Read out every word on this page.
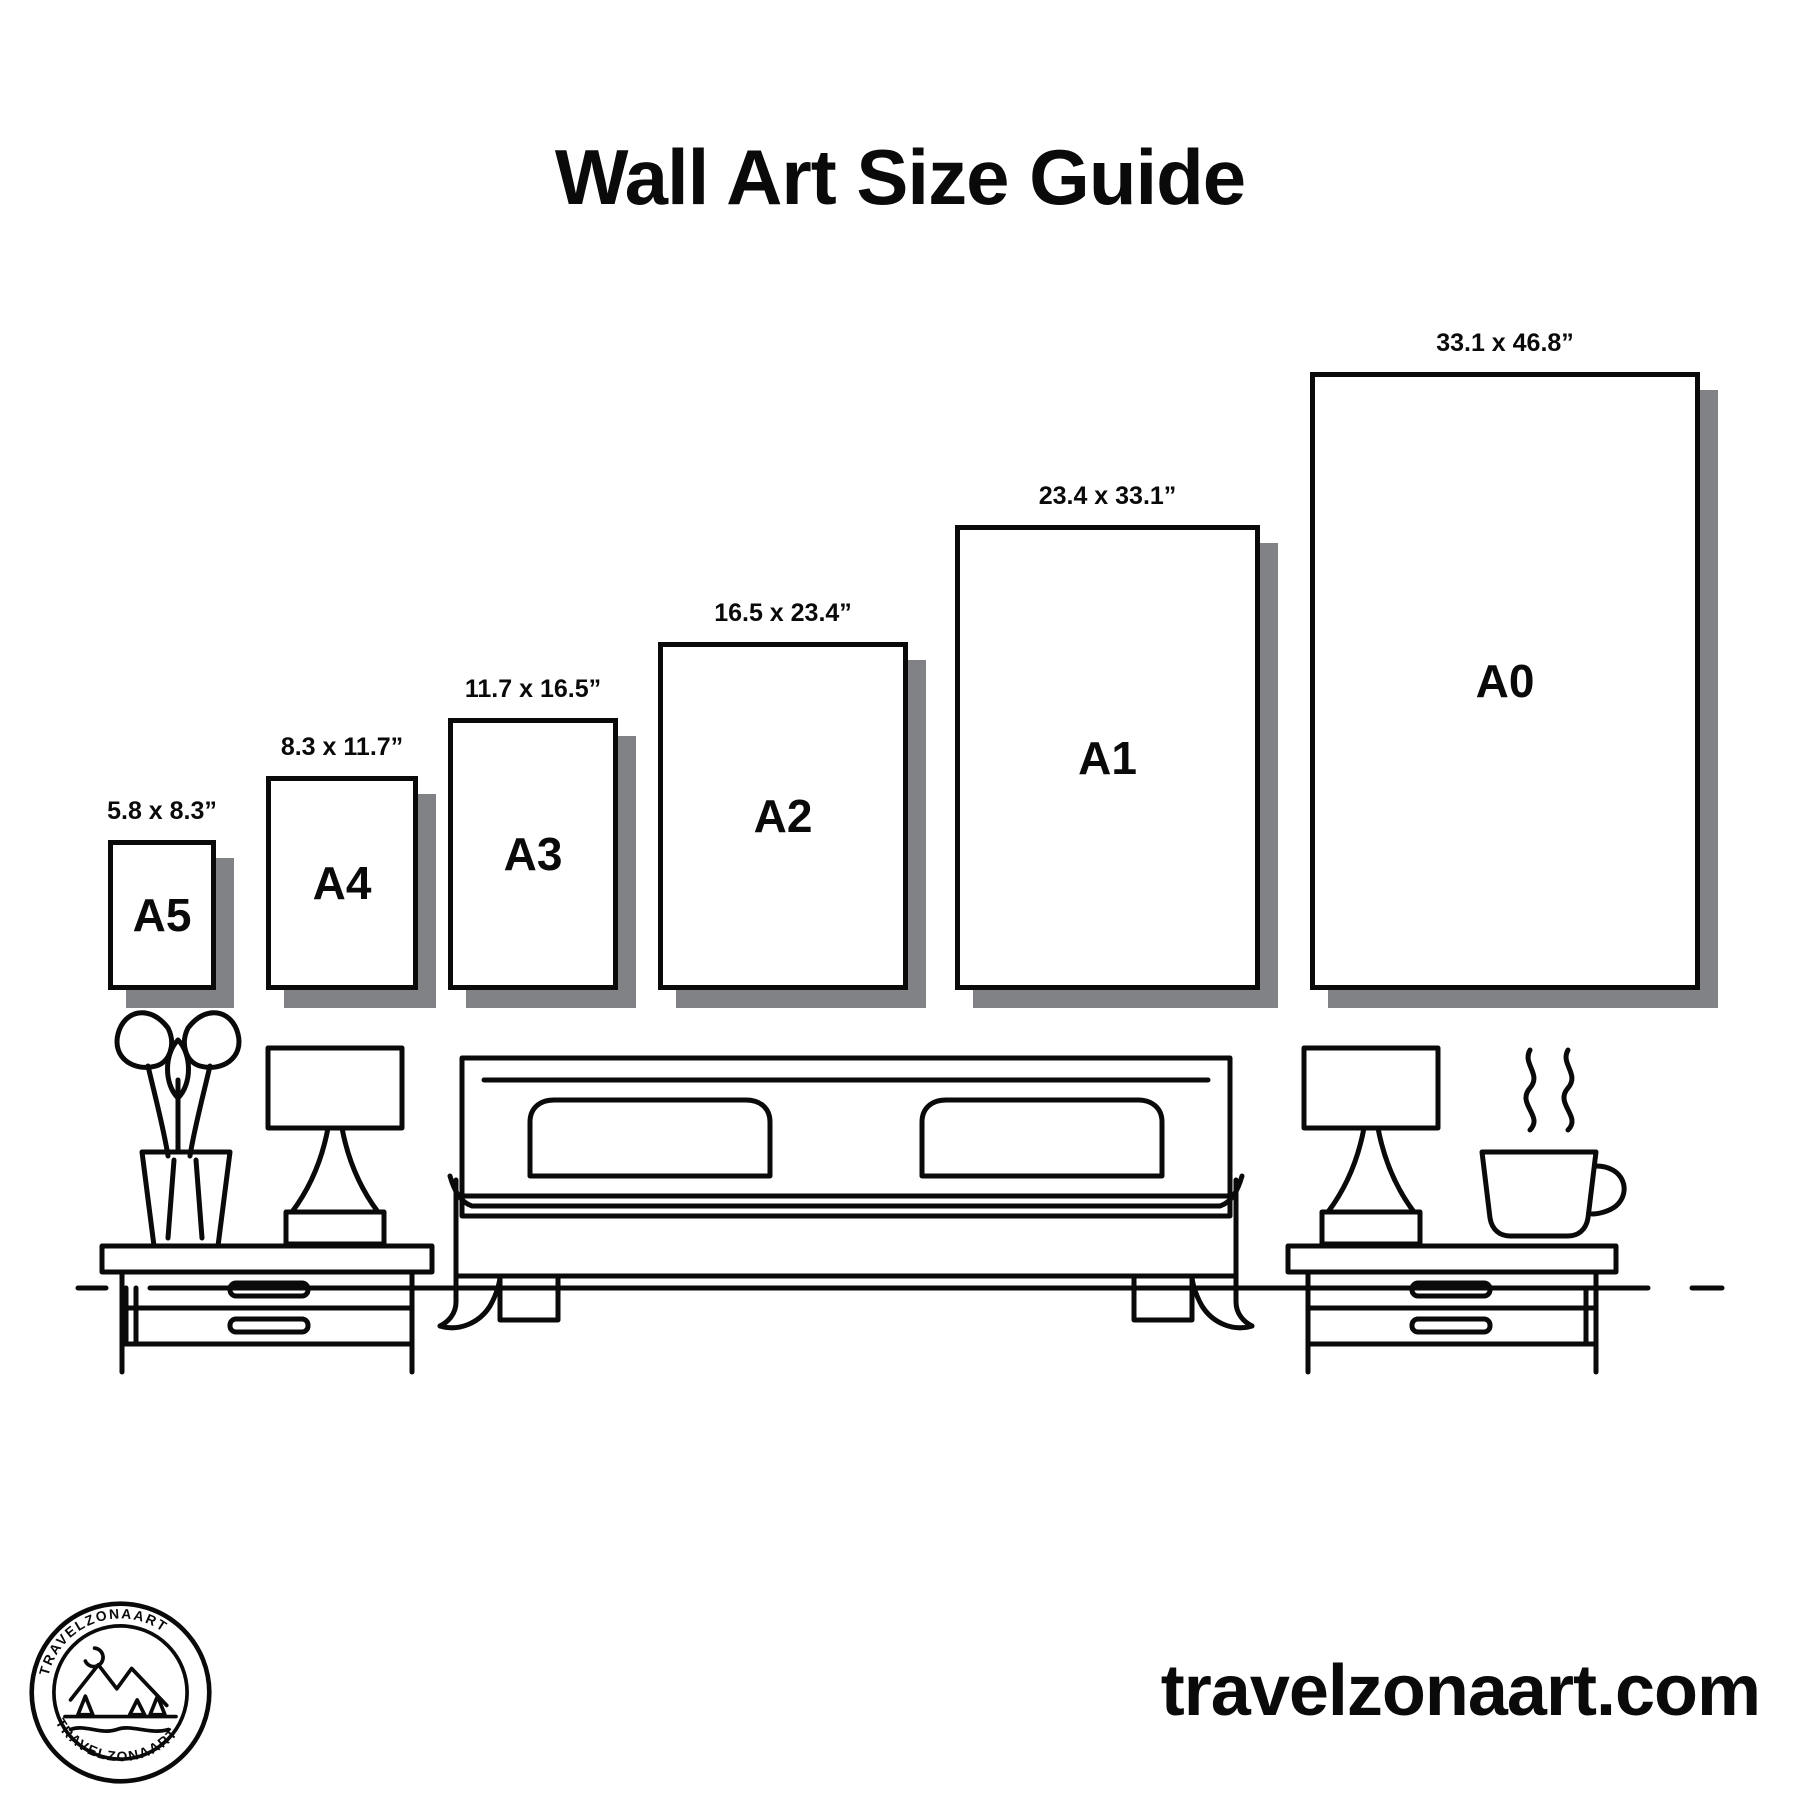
Wall Art Size Guide
A5
5.8 x 8.3”
A4
8.3 x 11.7”
A3
11.7 x 16.5”
A2
16.5 x 23.4”
A1
23.4 x 33.1”
A0
33.1 x 46.8”
TRAVELZONAART
TRAVELZONAART
travelzonaart.com
